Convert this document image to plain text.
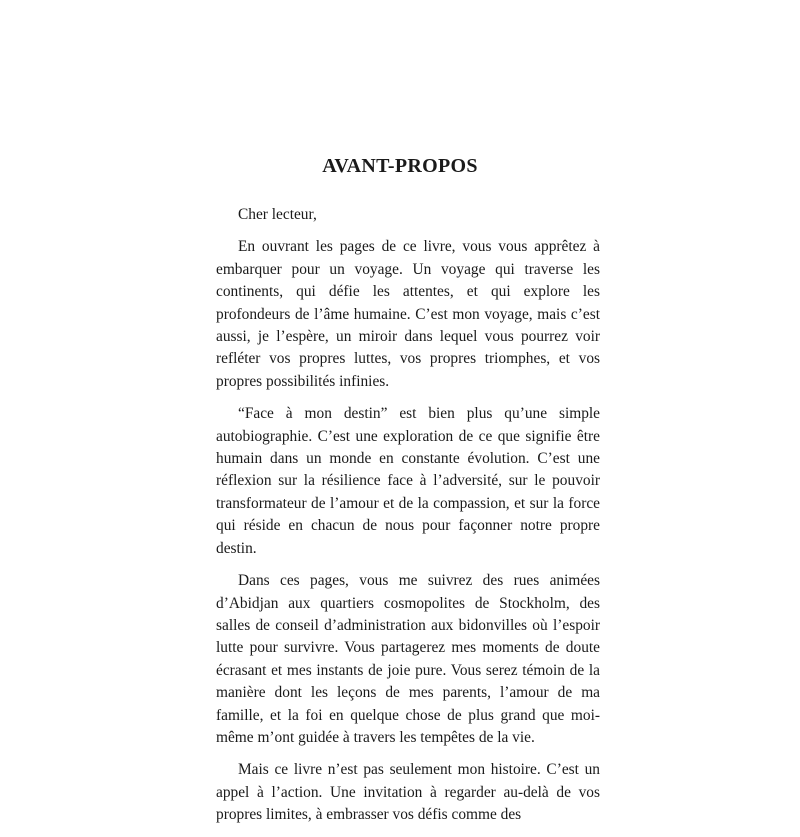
AVANT-PROPOS

Cher lecteur,

En ouvrant les pages de ce livre, vous vous apprêtez à embarquer pour un voyage. Un voyage qui traverse les continents, qui défie les attentes, et qui explore les profondeurs de l’âme humaine. C’est mon voyage, mais c’est aussi, je l’espère, un miroir dans lequel vous pourrez voir refléter vos propres luttes, vos propres triomphes, et vos propres possibilités infinies.

“Face à mon destin” est bien plus qu’une simple autobiographie. C’est une exploration de ce que signifie être humain dans un monde en constante évolution. C’est une réflexion sur la résilience face à l’adversité, sur le pouvoir transformateur de l’amour et de la compassion, et sur la force qui réside en chacun de nous pour façonner notre propre destin.

Dans ces pages, vous me suivrez des rues animées d’Abidjan aux quartiers cosmopolites de Stockholm, des salles de conseil d’administration aux bidonvilles où l’espoir lutte pour survivre. Vous partagerez mes moments de doute écrasant et mes instants de joie pure. Vous serez témoin de la manière dont les leçons de mes parents, l’amour de ma famille, et la foi en quelque chose de plus grand que moi-même m’ont guidée à travers les tempêtes de la vie.

Mais ce livre n’est pas seulement mon histoire. C’est un appel à l’action. Une invitation à regarder au-delà de vos propres limites, à embrasser vos défis comme des
